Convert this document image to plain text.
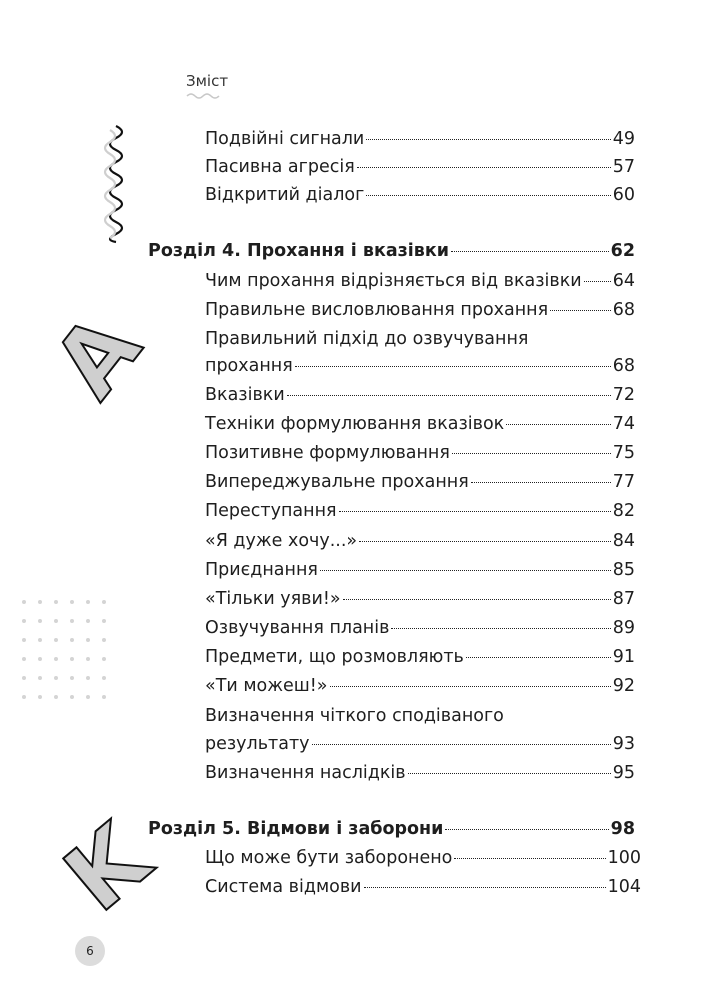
Зміст
A
K
Подвійні сигнали	49
Пасивна агресія	57
Відкритий діалог	60
Розділ 4. Прохання і вказівки	62
Чим прохання відрізняється від вказівки 64
Правильне висловлювання прохання	68
Правильний підхід до озвучування
прохання	68
Вказівки	72
Техніки формулювання вказівок	74
Позитивне формулювання	75
Випереджувальне прохання	77
Переступання	82
«Я дуже хочу...»	84
Приєднання	85
«Тільки уяви!»	87
Озвучування планів	89
Предмети, що розмовляють	91
«Ти можеш!»	92
Визначення чіткого сподіваного
результату	93
Визначення наслідків	95
Розділ 5. Відмови і заборони	98
Що може бути заборонено	100
Система відмови	104
6
